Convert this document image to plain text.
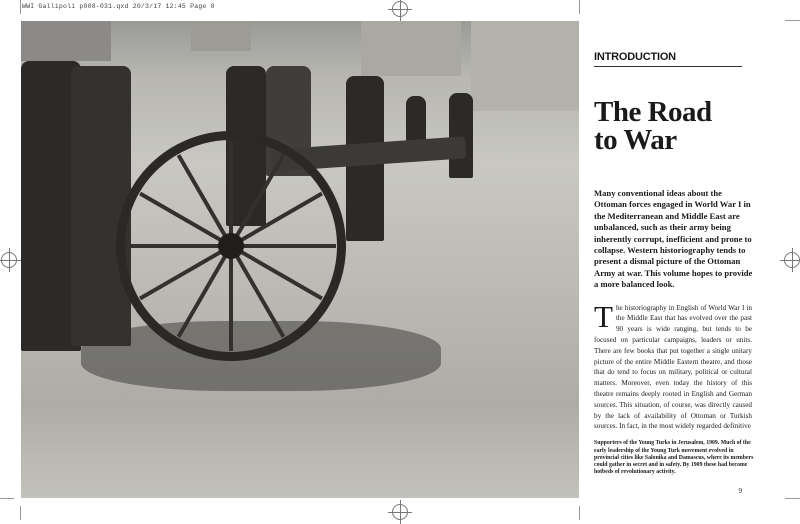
WWI Gallipoli p008-031.qxd 20/3/17 12:45 Page 8
INTRODUCTION
The Road
to War
Many conventional ideas about the Ottoman forces engaged in World War I in the Mediterranean and Middle East are unbalanced, such as their army being inherently corrupt, inefficient and prone to collapse. Western historiography tends to present a dismal picture of the Ottoman Army at war. This volume hopes to provide a more balanced look.
T he historiography in English of World War I in the Middle East that has evolved over the past 90 years is wide ranging, but tends to be focused on particular campaigns, leaders or units. There are few books that put together a single unitary picture of the entire Middle Eastern theatre, and those that do tend to focus on military, political or cultural matters. Moreover, even today the history of this theatre remains deeply rooted in English and German sources. This situation, of course, was directly caused by the lack of availability of Ottoman or Turkish sources. In fact, in the most widely regarded definitive
Supporters of the Young Turks in Jerusalem, 1909. Much of the early leadership of the Young Turk movement evolved in provincial cities like Salonika and Damascus, where its members could gather in secret and in safety. By 1909 these had become hotbeds of revolutionary activity.
9
